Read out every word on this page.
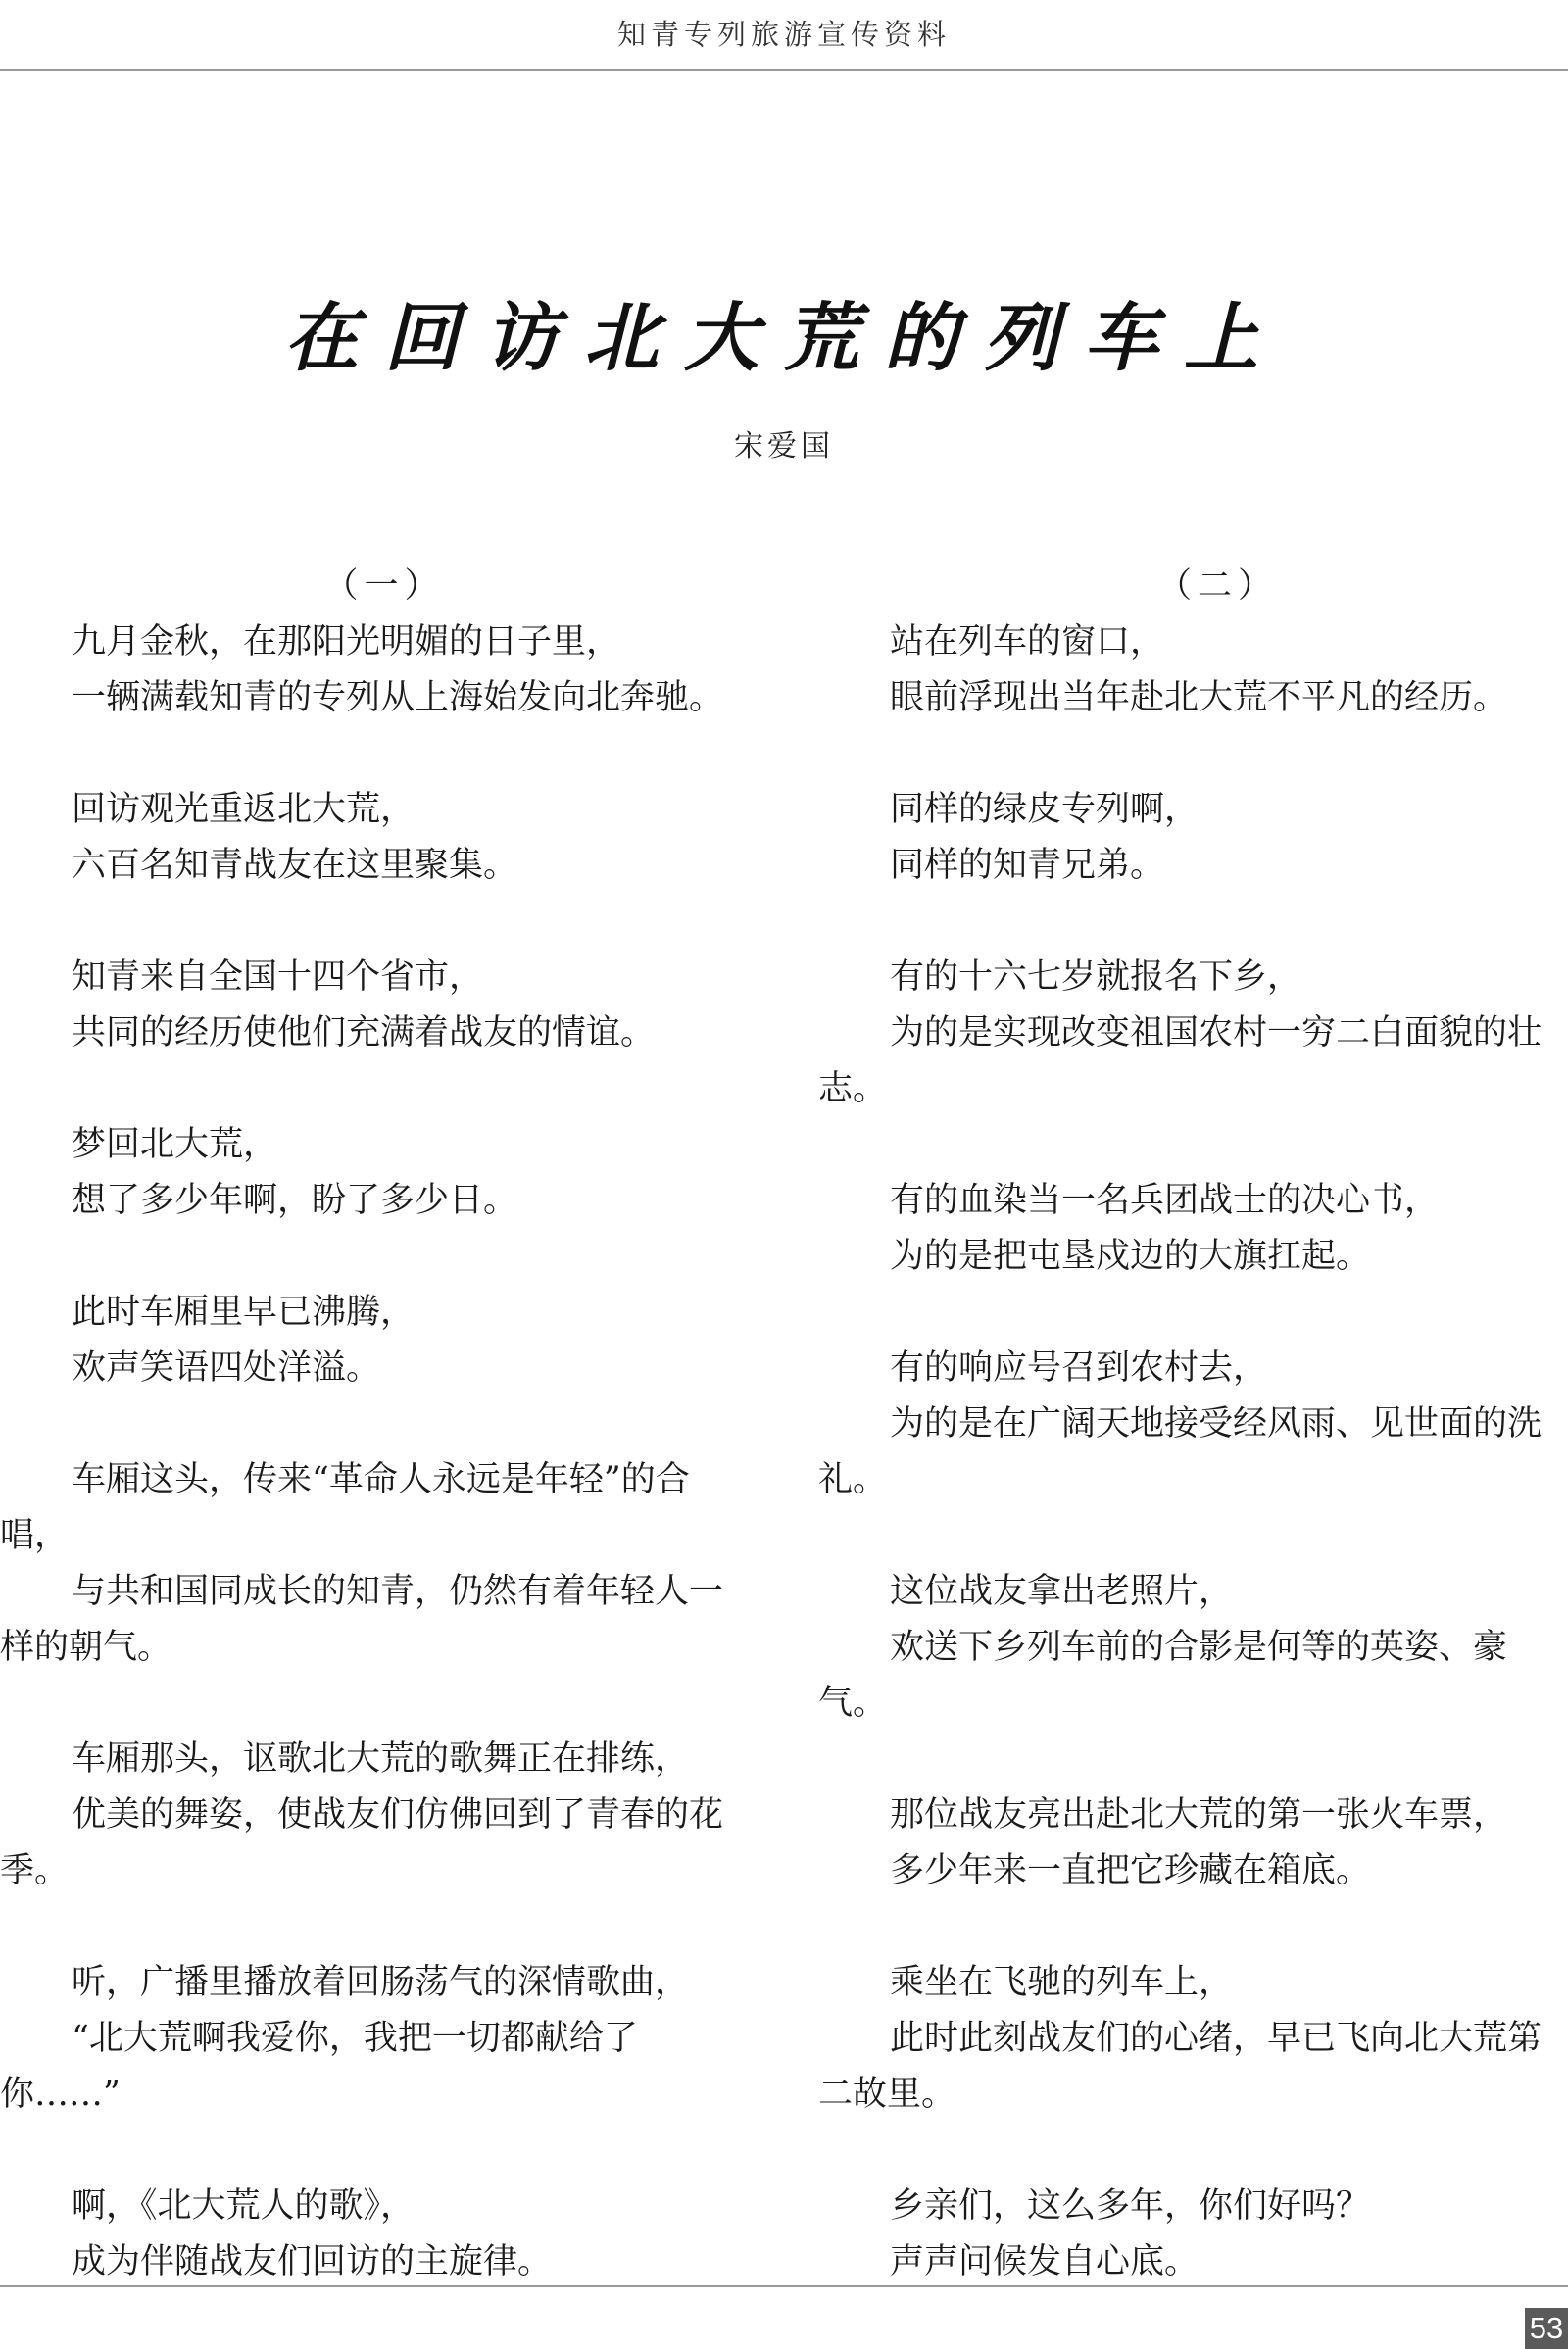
知青专列旅游宣传资料
在回访北大荒的列车上
宋爱国
（一）
九月金秋，在那阳光明媚的日子里，
一辆满载知青的专列从上海始发向北奔驰。
回访观光重返北大荒，
六百名知青战友在这里聚集。
知青来自全国十四个省市，
共同的经历使他们充满着战友的情谊。
梦回北大荒，
想了多少年啊，盼了多少日。
此时车厢里早已沸腾，
欢声笑语四处洋溢。
车厢这头，传来“革命人永远是年轻”的合唱，
与共和国同成长的知青，仍然有着年轻人一样的朝气。
车厢那头，讴歌北大荒的歌舞正在排练，
优美的舞姿，使战友们仿佛回到了青春的花季。
听，广播里播放着回肠荡气的深情歌曲，
“北大荒啊我爱你，我把一切都献给了你……”
啊，《北大荒人的歌》，
成为伴随战友们回访的主旋律。
（二）
站在列车的窗口，
眼前浮现出当年赴北大荒不平凡的经历。
同样的绿皮专列啊，
同样的知青兄弟。
有的十六七岁就报名下乡，
为的是实现改变祖国农村一穷二白面貌的壮志。
有的血染当一名兵团战士的决心书，
为的是把屯垦戍边的大旗扛起。
有的响应号召到农村去，
为的是在广阔天地接受经风雨、见世面的洗礼。
这位战友拿出老照片，
欢送下乡列车前的合影是何等的英姿、豪气。
那位战友亮出赴北大荒的第一张火车票，
多少年来一直把它珍藏在箱底。
乘坐在飞驰的列车上，
此时此刻战友们的心绪，早已飞向北大荒第二故里。
乡亲们，这么多年，你们好吗？
声声问候发自心底。
53
